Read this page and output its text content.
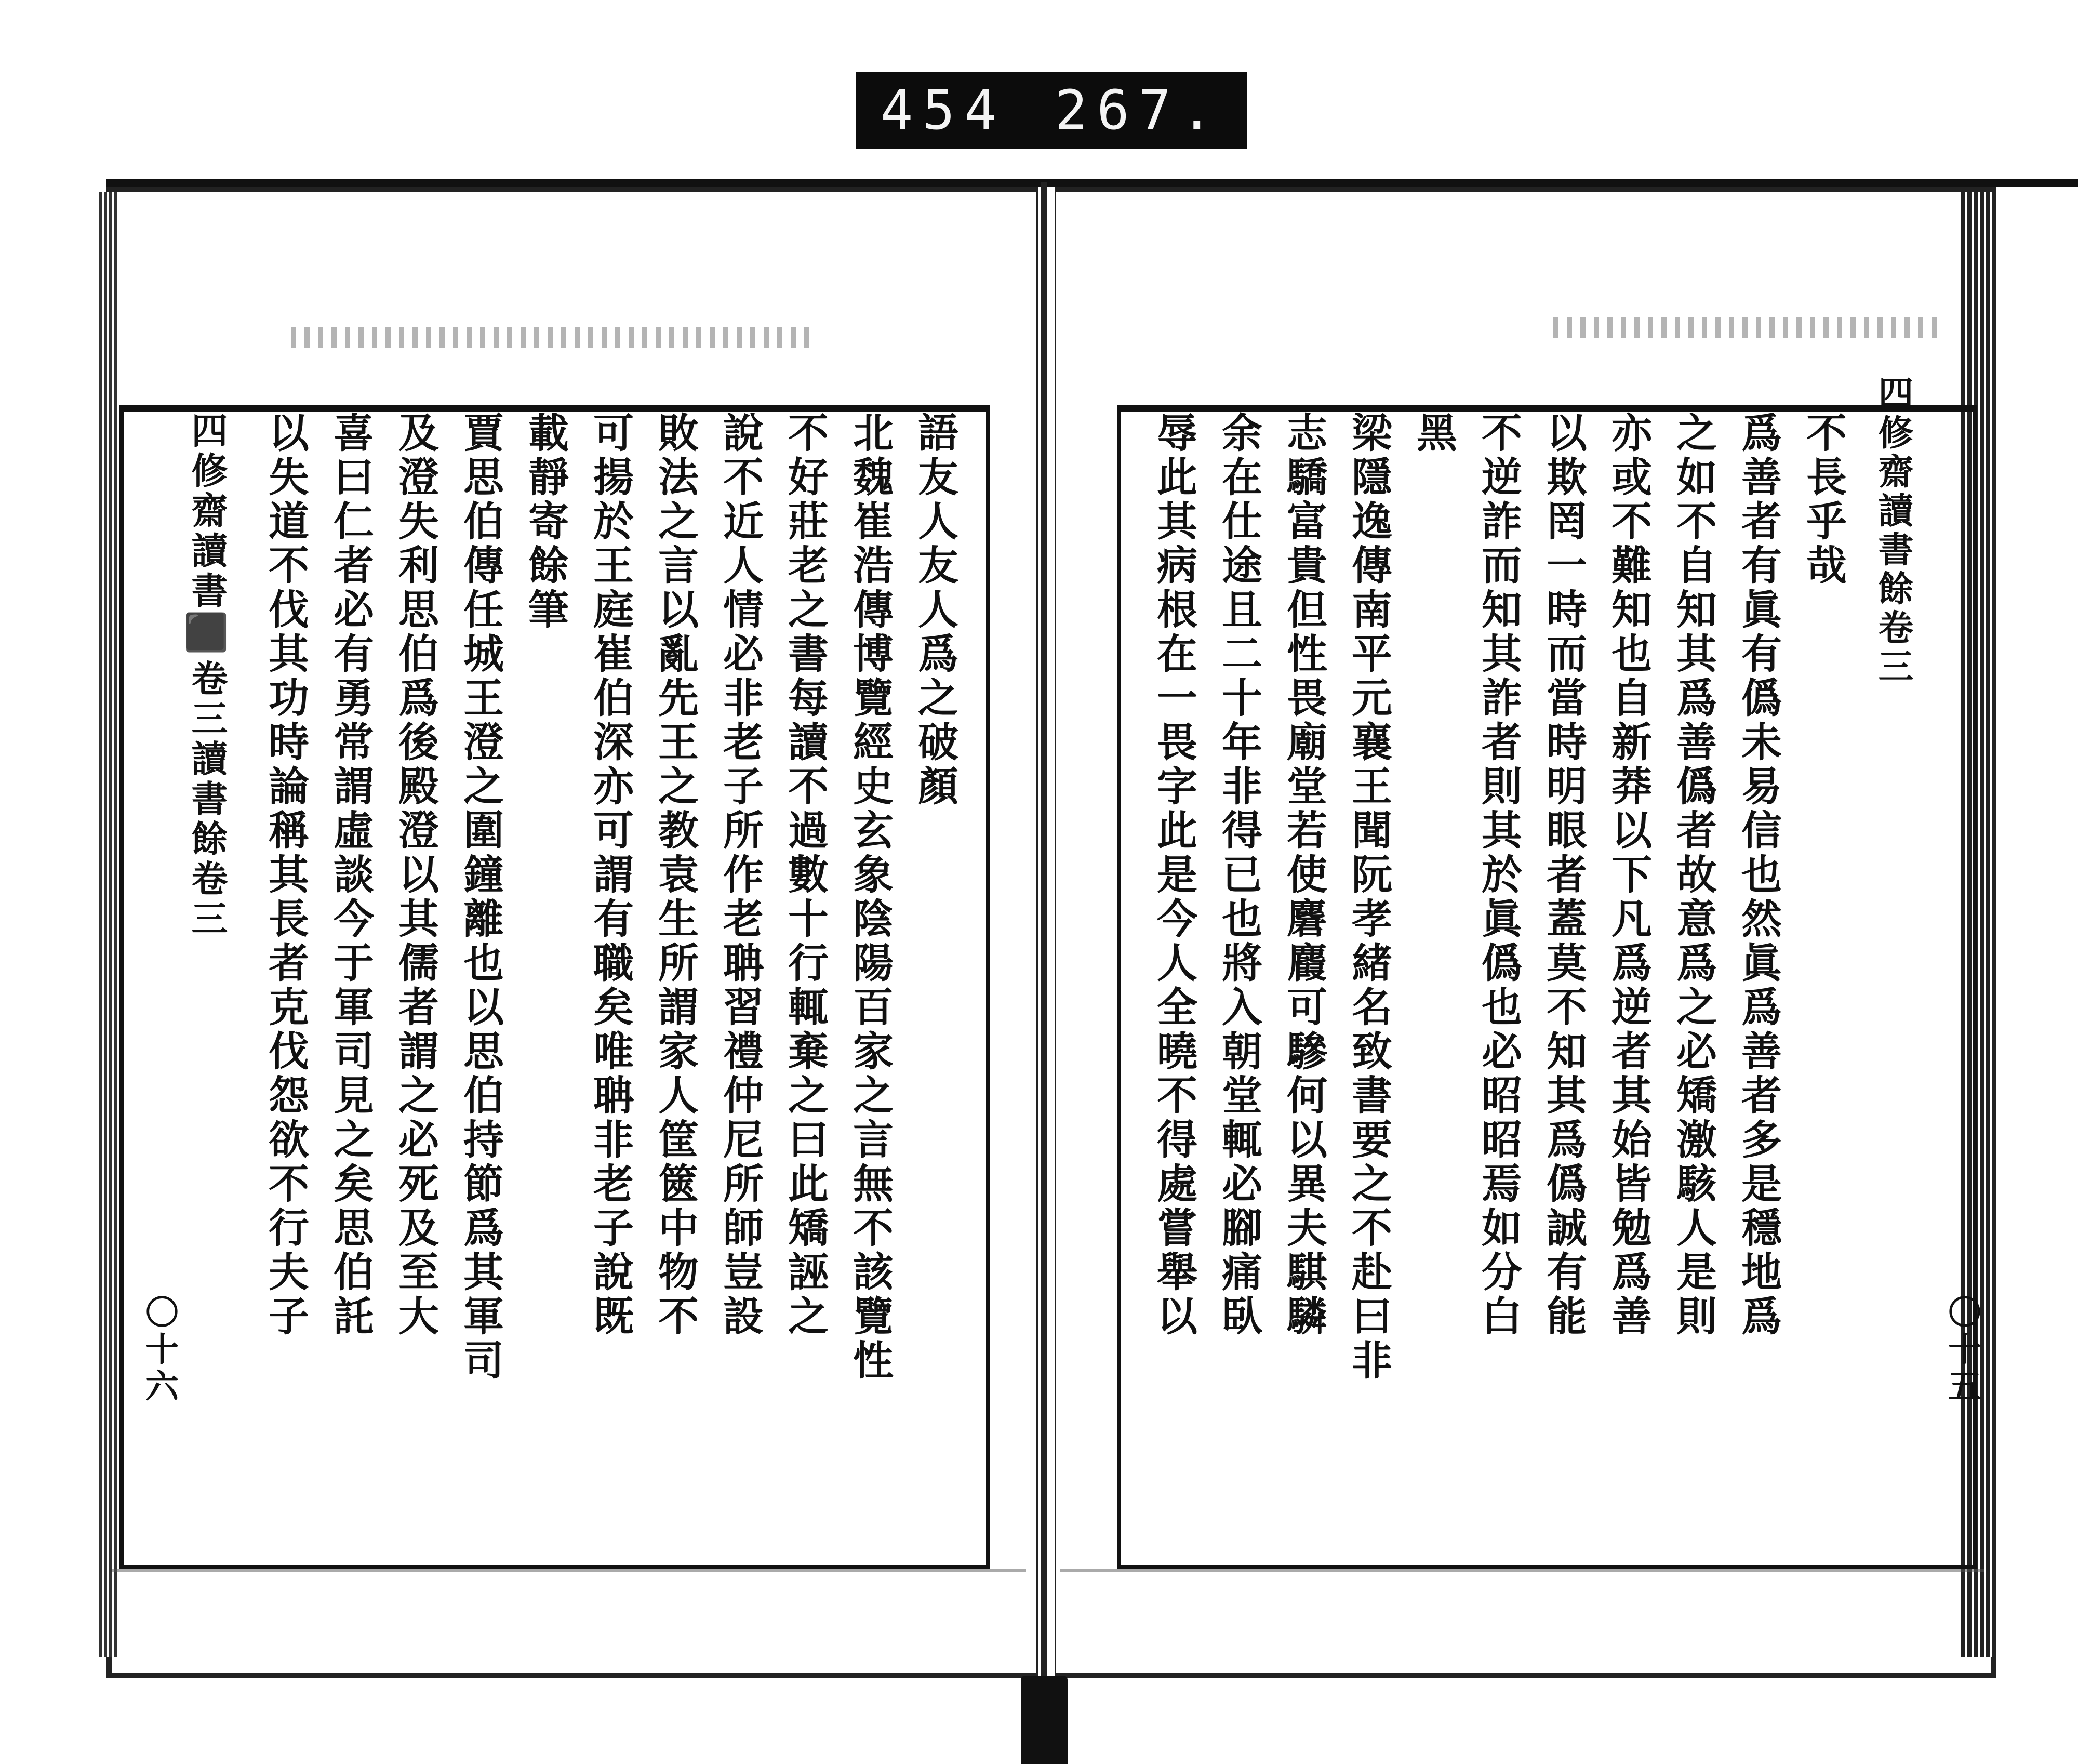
454 267.
語友人友人爲之破顏
北魏崔浩傳博覽經史玄象陰陽百家之言無不該覽性
不好莊老之書每讀不過數十行輒棄之曰此矯誣之
說不近人情必非老子所作老聃習禮仲尼所師豈設
敗法之言以亂先王之教袁生所謂家人筐篋中物不
可揚於王庭崔伯深亦可謂有職矣唯聃非老子說既
載靜寄餘筆
賈思伯傳任城王澄之圍鐘離也以思伯持節爲其軍司
及澄失利思伯爲後殿澄以其儒者謂之必死及至大
喜曰仁者必有勇常謂虛談今于軍司見之矣思伯託
以失道不伐其功時論稱其長者克伐怨欲不行夫子
四修齋讀書⬛卷三讀書餘卷三
〇十六
四修齋讀書餘卷三
〇十五
不長乎哉
爲善者有眞有僞未易信也然眞爲善者多是穩地爲
之如不自知其爲善僞者故意爲之必矯激駭人是則
亦或不難知也自新莽以下凡爲逆者其始皆勉爲善
以欺罔一時而當時明眼者蓋莫不知其爲僞誠有能
不逆詐而知其詐者則其於眞僞也必昭昭焉如分白
黑
梁隱逸傳南平元襄王聞阮孝緒名致書要之不赴曰非
志驕富貴但性畏廟堂若使麏麚可驂何以異夫騏驎
余在仕途且二十年非得已也將入朝堂輒必腳痛臥
辱此其病根在一畏字此是今人全曉不得處嘗舉以
